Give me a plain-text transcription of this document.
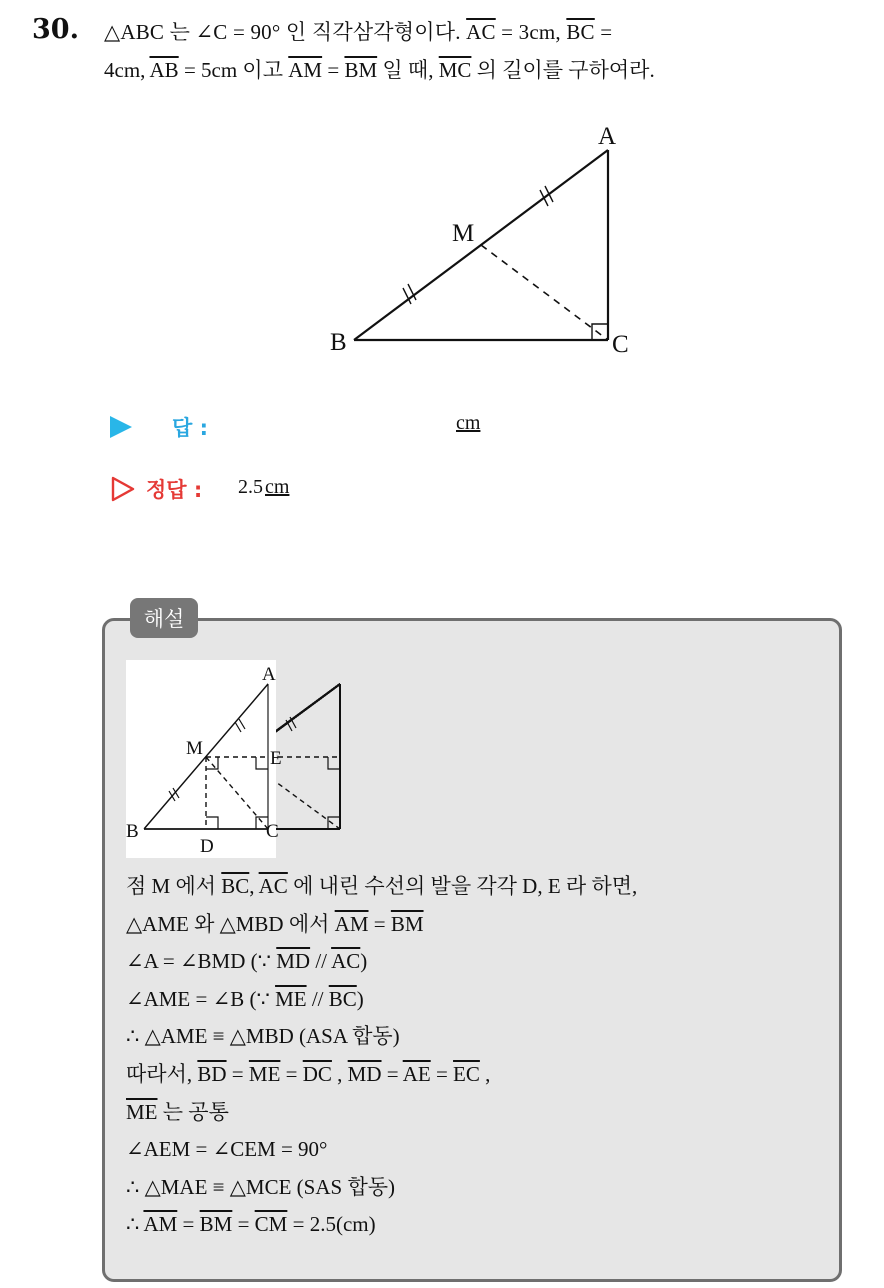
30. △ABC 는 ∠C = 90° 인 직각삼각형이다. $\overline{AC} = 3cm$, $\overline{BC}$ =
4cm, $\overline{AB} = 5cm$ 이고 $\overline{AM} = \overline{BM}$ 일 때, $\overline{MC}$ 의 길이를 구하여라.
A
M
B	C
답 :	cm
정답 : 2.5 cm
해설
A
M	E
B
D
C
점 M 에서 $\overline{BC}$, $\overline{AC}$ 에 내린 수선의 발을 각각 D, E 라 하면,
△AME 와 △MBD 에서 $\overline{AM} = \overline{BM}$
∠A = ∠BMD (∵ $\overline{MD} // \overline{AC}$)
∠AME = ∠B (∵ $\overline{ME} // \overline{BC}$)
∴ △AME ≡ △MBD (ASA 합동)
따라서, $\overline{BD} = \overline{ME} = \overline{DC}$ , $\overline{MD} = \overline{AE} = \overline{EC}$ ,
$\overline{ME}$ 는 공통
∠AEM = ∠CEM = 90°
∴ △MAE ≡ △MCE (SAS 합동)
∴ $\overline{AM} = \overline{BM} = \overline{CM} = 2.5(cm)$
